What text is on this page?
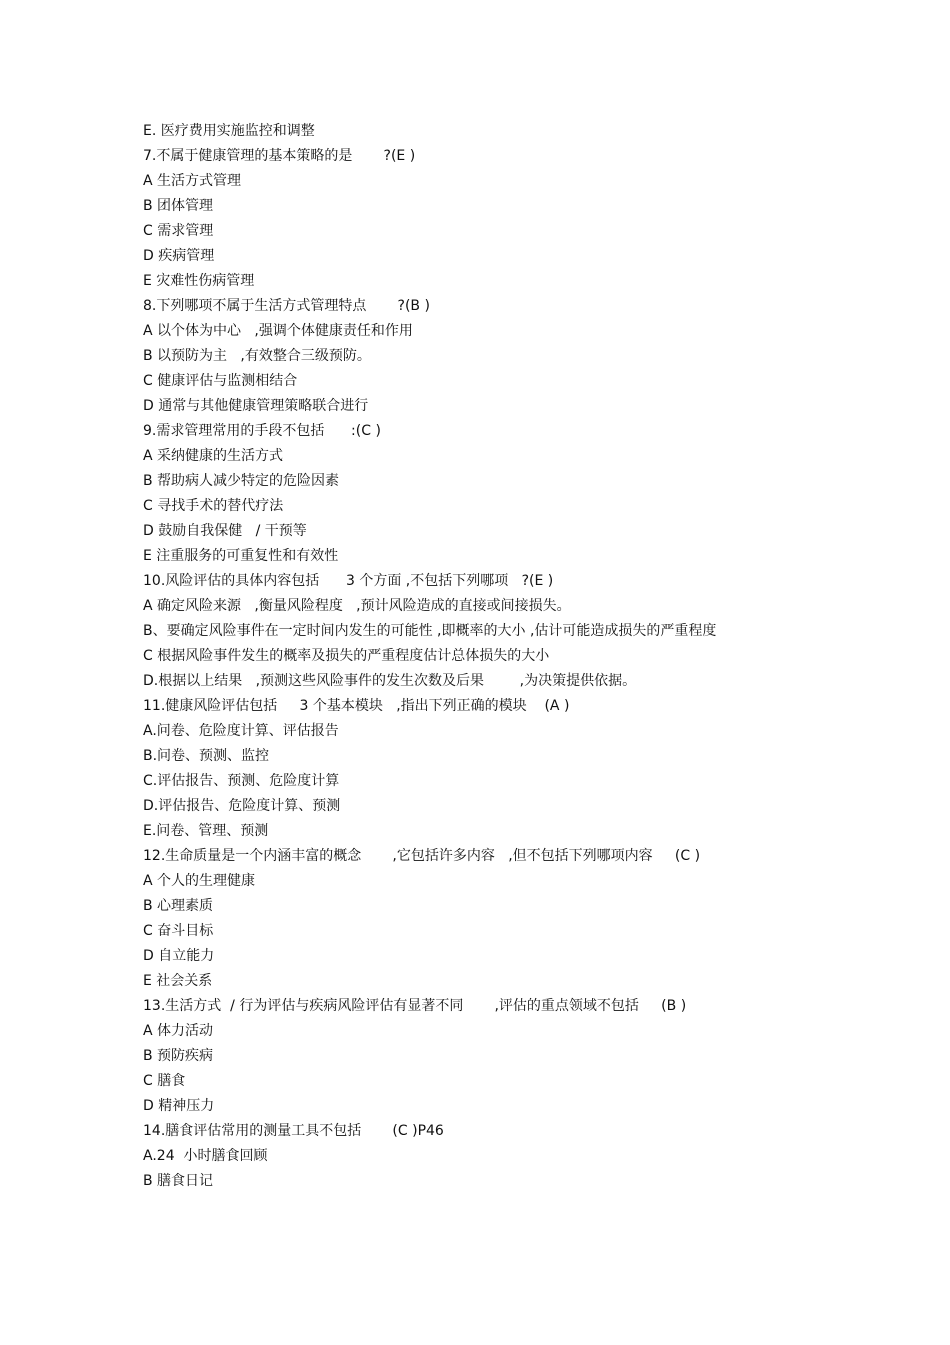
E. 医疗费用实施监控和调整
7.不属于健康管理的基本策略的是       ?(E )
A 生活方式管理
B 团体管理
C 需求管理
D 疾病管理
E 灾难性伤病管理
8.下列哪项不属于生活方式管理特点       ?(B )
A 以个体为中心   ,强调个体健康责任和作用
B 以预防为主   ,有效整合三级预防。
C 健康评估与监测相结合
D 通常与其他健康管理策略联合进行
9.需求管理常用的手段不包括      :(C )
A 采纳健康的生活方式
B 帮助病人减少特定的危险因素
C 寻找手术的替代疗法
D 鼓励自我保健   / 干预等
E 注重服务的可重复性和有效性
10.风险评估的具体内容包括      3 个方面 ,不包括下列哪项   ?(E )
A 确定风险来源   ,衡量风险程度   ,预计风险造成的直接或间接损失。
B、要确定风险事件在一定时间内发生的可能性 ,即概率的大小 ,估计可能造成损失的严重程度
C 根据风险事件发生的概率及损失的严重程度估计总体损失的大小
D.根据以上结果   ,预测这些风险事件的发生次数及后果        ,为决策提供依据。
11.健康风险评估包括     3 个基本模块   ,指出下列正确的模块    (A )
A.问卷、危险度计算、评估报告
B.问卷、预测、监控
C.评估报告、预测、危险度计算
D.评估报告、危险度计算、预测
E.问卷、管理、预测
12.生命质量是一个内涵丰富的概念       ,它包括许多内容   ,但不包括下列哪项内容     (C )
A 个人的生理健康
B 心理素质
C 奋斗目标
D 自立能力
E 社会关系
13.生活方式  / 行为评估与疾病风险评估有显著不同       ,评估的重点领域不包括     (B )
A 体力活动
B 预防疾病
C 膳食
D 精神压力
14.膳食评估常用的测量工具不包括       (C )P46
A.24  小时膳食回顾
B 膳食日记
